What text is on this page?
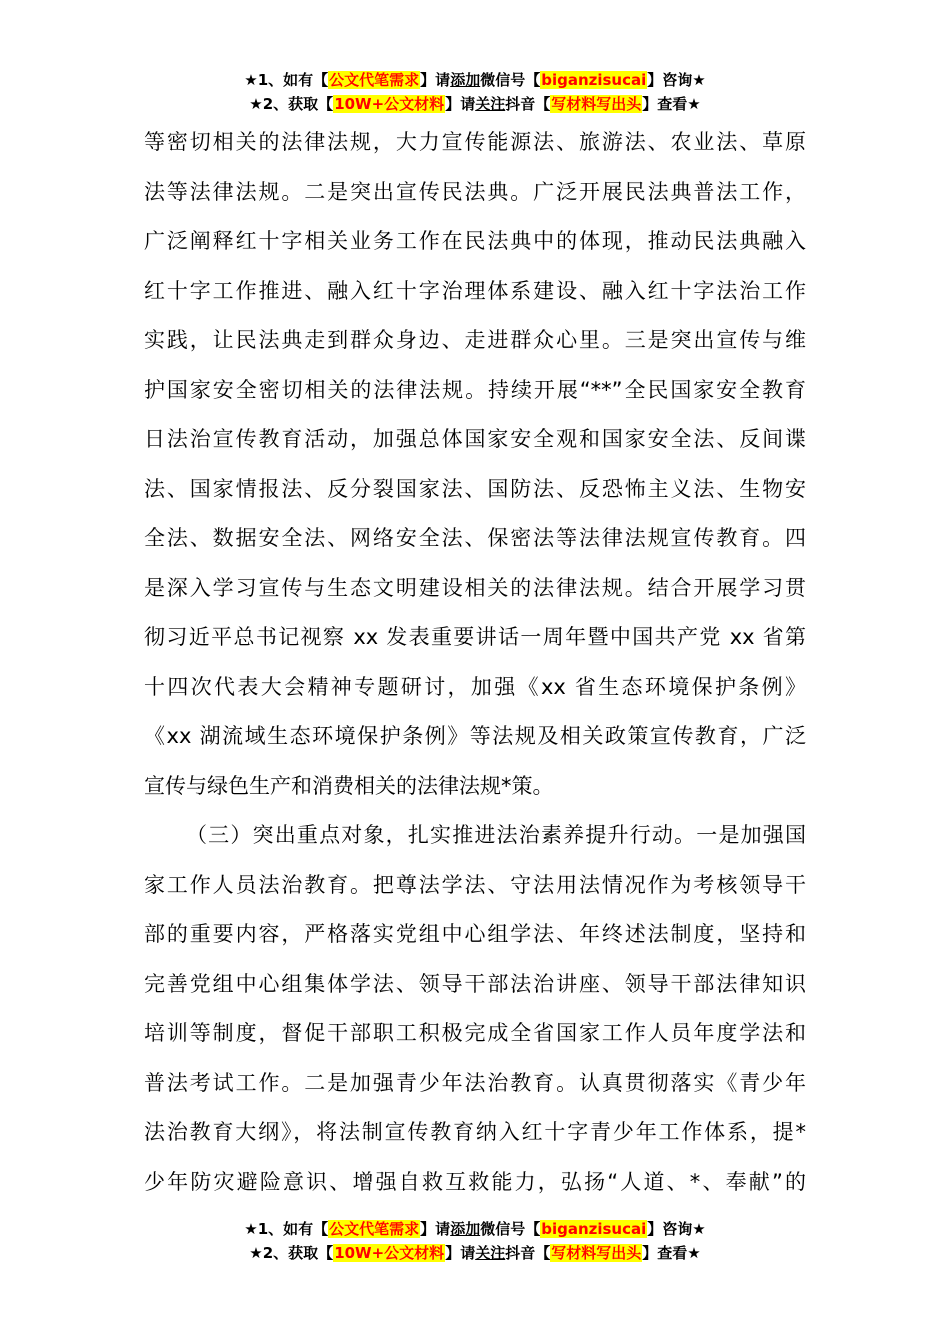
★1、如有【公文代笔需求】请添加微信号【biganzisucai】咨询★
★2、获取【10W+公文材料】请关注抖音【写材料写出头】查看★
等密切相关的法律法规，大力宣传能源法、旅游法、农业法、草原
法等法律法规。二是突出宣传民法典。广泛开展民法典普法工作，
广泛阐释红十字相关业务工作在民法典中的体现，推动民法典融入
红十字工作推进、融入红十字治理体系建设、融入红十字法治工作
实践，让民法典走到群众身边、走进群众心里。三是突出宣传与维
护国家安全密切相关的法律法规。持续开展“**”全民国家安全教育
日法治宣传教育活动，加强总体国家安全观和国家安全法、反间谍
法、国家情报法、反分裂国家法、国防法、反恐怖主义法、生物安
全法、数据安全法、网络安全法、保密法等法律法规宣传教育。四
是深入学习宣传与生态文明建设相关的法律法规。结合开展学习贯
彻习近平总书记视察 xx 发表重要讲话一周年暨中国共产党 xx 省第
十四次代表大会精神专题研讨，加强《xx 省生态环境保护条例》
《xx 湖流域生态环境保护条例》等法规及相关政策宣传教育，广泛
宣传与绿色生产和消费相关的法律法规*策。
（三）突出重点对象，扎实推进法治素养提升行动。一是加强国
家工作人员法治教育。把尊法学法、守法用法情况作为考核领导干
部的重要内容，严格落实党组中心组学法、年终述法制度，坚持和
完善党组中心组集体学法、领导干部法治讲座、领导干部法律知识
培训等制度，督促干部职工积极完成全省国家工作人员年度学法和
普法考试工作。二是加强青少年法治教育。认真贯彻落实《青少年
法治教育大纲》，将法制宣传教育纳入红十字青少年工作体系，提*
少年防灾避险意识、增强自救互救能力，弘扬“人道、*、奉献”的
★1、如有【公文代笔需求】请添加微信号【biganzisucai】咨询★
★2、获取【10W+公文材料】请关注抖音【写材料写出头】查看★
